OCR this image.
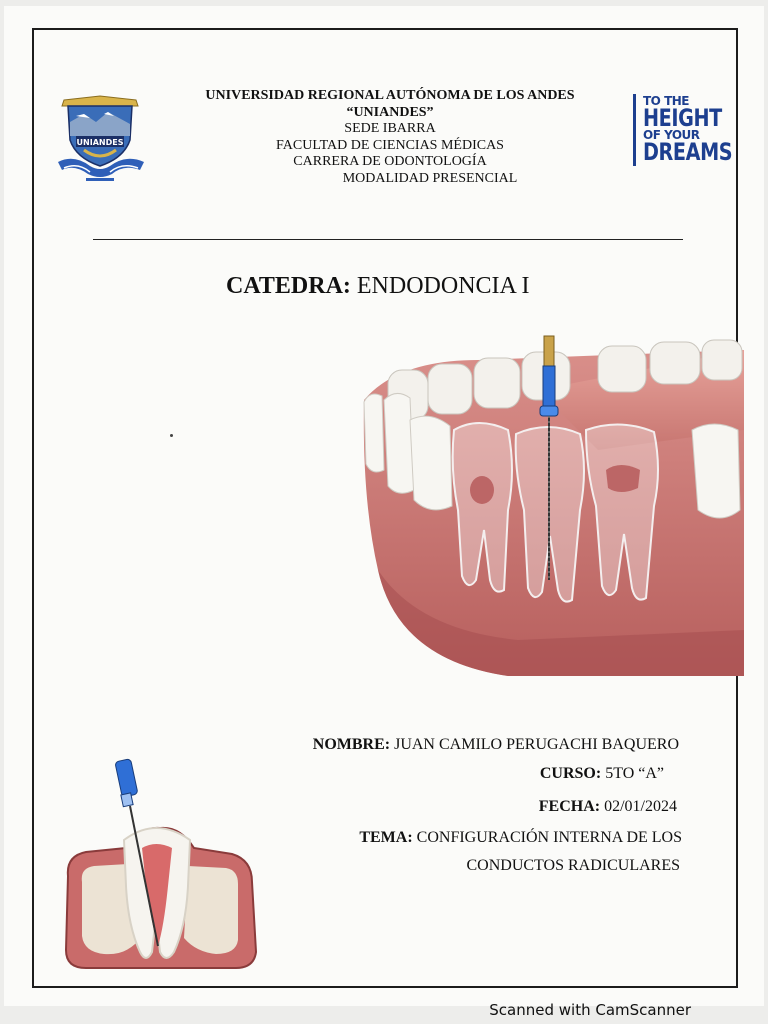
UNIANDES
UNIVERSIDAD REGIONAL AUTÓNOMA DE LOS ANDES
“UNIANDES”
SEDE IBARRA
FACULTAD DE CIENCIAS MÉDICAS
CARRERA DE ODONTOLOGÍA
MODALIDAD PRESENCIAL
TO THE
HEIGHT
OF YOUR
DREAMS
CATEDRA: ENDODONCIA I
NOMBRE: JUAN CAMILO PERUGACHI BAQUERO
CURSO: 5TO “A”
FECHA: 02/01/2024
TEMA: CONFIGURACIÓN INTERNA DE LOS
CONDUCTOS RADICULARES
Scanned with CamScanner
